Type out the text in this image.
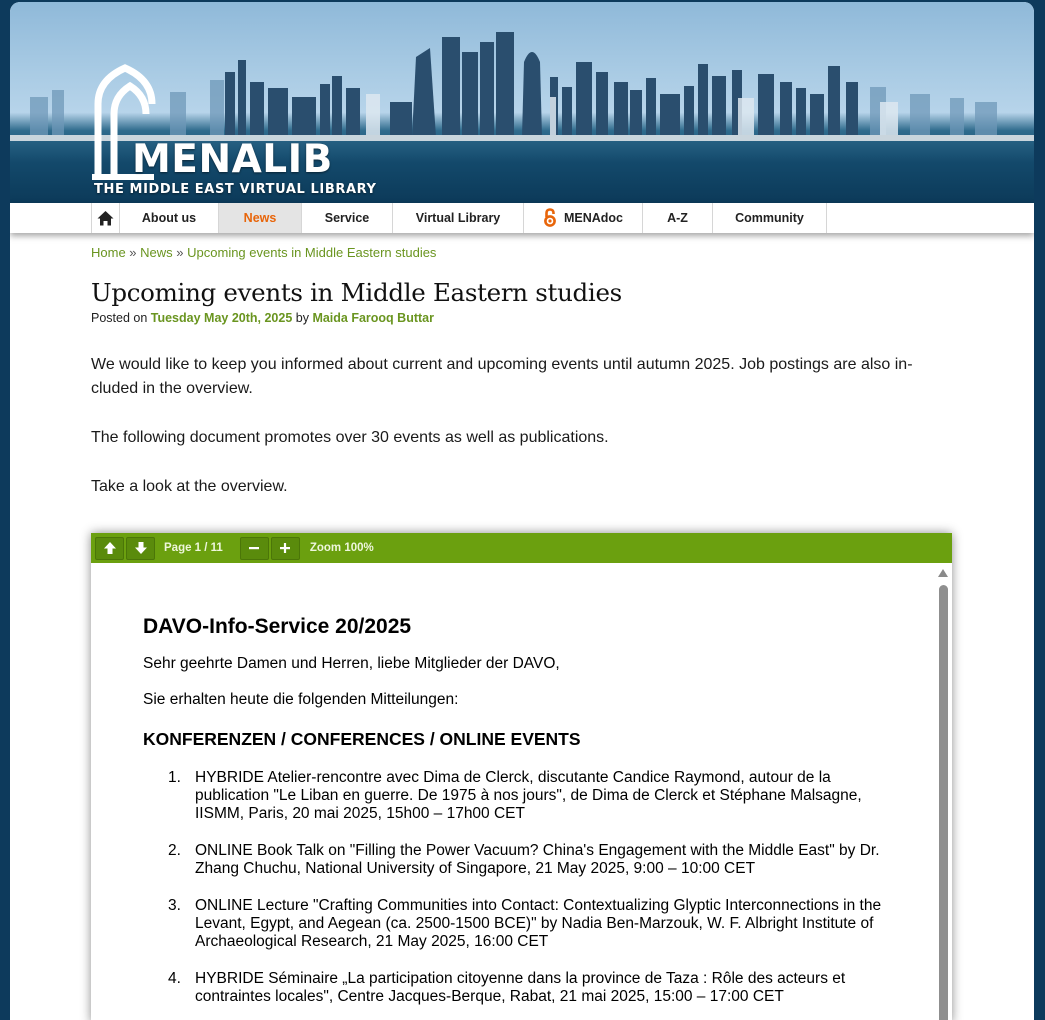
MENALIB
THE MIDDLE EAST VIRTUAL LIBRARY
About us	News	Service	Virtual Library	MENAdoc	A-Z	Community
Home » News » Upcoming events in Middle Eastern studies
Upcoming events in Middle Eastern studies
Posted on Tuesday May 20th, 2025 by Maida Farooq Buttar

We would like to keep you informed about current and upcoming events until autumn 2025. Job postings are also in-cluded in the overview.

The following document promotes over 30 events as well as publications.

Take a look at the overview.

Page 1 / 11	Zoom 100%
DAVO-Info-Service 20/2025

Sehr geehrte Damen und Herren, liebe Mitglieder der DAVO,

Sie erhalten heute die folgenden Mitteilungen:

KONFERENZEN / CONFERENCES / ONLINE EVENTS
1. HYBRIDE Atelier-rencontre avec Dima de Clerck, discutante Candice Raymond, autour de la publication "Le Liban en guerre. De 1975 à nos jours", de Dima de Clerck et Stéphane Malsagne, IISMM, Paris, 20 mai 2025, 15h00 – 17h00 CET
2. ONLINE Book Talk on "Filling the Power Vacuum? China's Engagement with the Middle East" by Dr. Zhang Chuchu, National University of Singapore, 21 May 2025, 9:00 – 10:00 CET
3. ONLINE Lecture "Crafting Communities into Contact: Contextualizing Glyptic Interconnections in the Levant, Egypt, and Aegean (ca. 2500-1500 BCE)" by Nadia Ben-Marzouk, W. F. Albright Institute of Archaeological Research, 21 May 2025, 16:00 CET
4. HYBRIDE Séminaire „La participation citoyenne dans la province de Taza : Rôle des acteurs et contraintes locales", Centre Jacques-Berque, Rabat, 21 mai 2025, 15:00 – 17:00 CET
